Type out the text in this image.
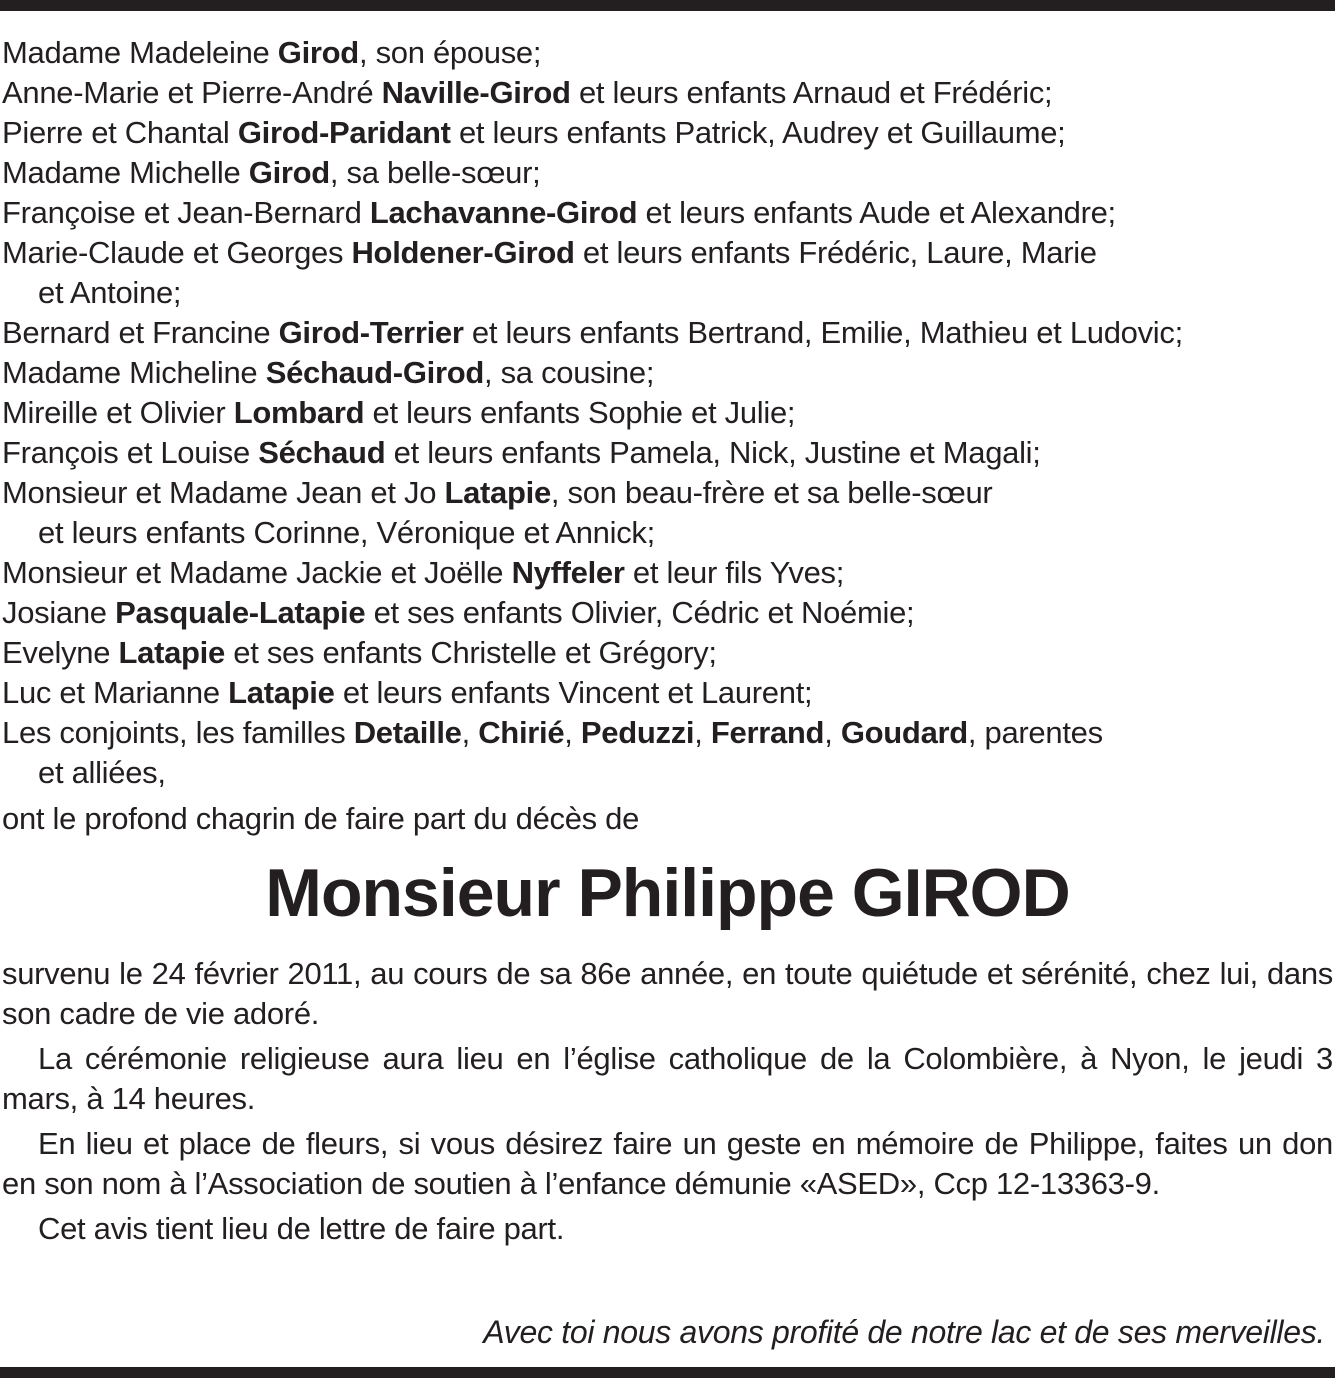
Madame Madeleine Girod, son épouse;
Anne-Marie et Pierre-André Naville-Girod et leurs enfants Arnaud et Frédéric;
Pierre et Chantal Girod-Paridant et leurs enfants Patrick, Audrey et Guillaume;
Madame Michelle Girod, sa belle-sœur;
Françoise et Jean-Bernard Lachavanne-Girod et leurs enfants Aude et Alexandre;
Marie-Claude et Georges Holdener-Girod et leurs enfants Frédéric, Laure, Marie
et Antoine;
Bernard et Francine Girod-Terrier et leurs enfants Bertrand, Emilie, Mathieu et Ludovic;
Madame Micheline Séchaud-Girod, sa cousine;
Mireille et Olivier Lombard et leurs enfants Sophie et Julie;
François et Louise Séchaud et leurs enfants Pamela, Nick, Justine et Magali;
Monsieur et Madame Jean et Jo Latapie, son beau-frère et sa belle-sœur
et leurs enfants Corinne, Véronique et Annick;
Monsieur et Madame Jackie et Joëlle Nyffeler et leur fils Yves;
Josiane Pasquale-Latapie et ses enfants Olivier, Cédric et Noémie;
Evelyne Latapie et ses enfants Christelle et Grégory;
Luc et Marianne Latapie et leurs enfants Vincent et Laurent;
Les conjoints, les familles Detaille, Chirié, Peduzzi, Ferrand, Goudard, parentes
et alliées,

ont le profond chagrin de faire part du décès de

Monsieur Philippe GIROD

survenu le 24 février 2011, au cours de sa 86e année, en toute quiétude et sérénité, chez lui, dans son cadre de vie adoré.

La cérémonie religieuse aura lieu en l’église catholique de la Colombière, à Nyon, le jeudi 3 mars, à 14 heures.

En lieu et place de fleurs, si vous désirez faire un geste en mémoire de Philippe, faites un don en son nom à l’Association de soutien à l’enfance démunie «ASED», Ccp 12-13363-9.

Cet avis tient lieu de lettre de faire part.

Avec toi nous avons profité de notre lac et de ses merveilles.
